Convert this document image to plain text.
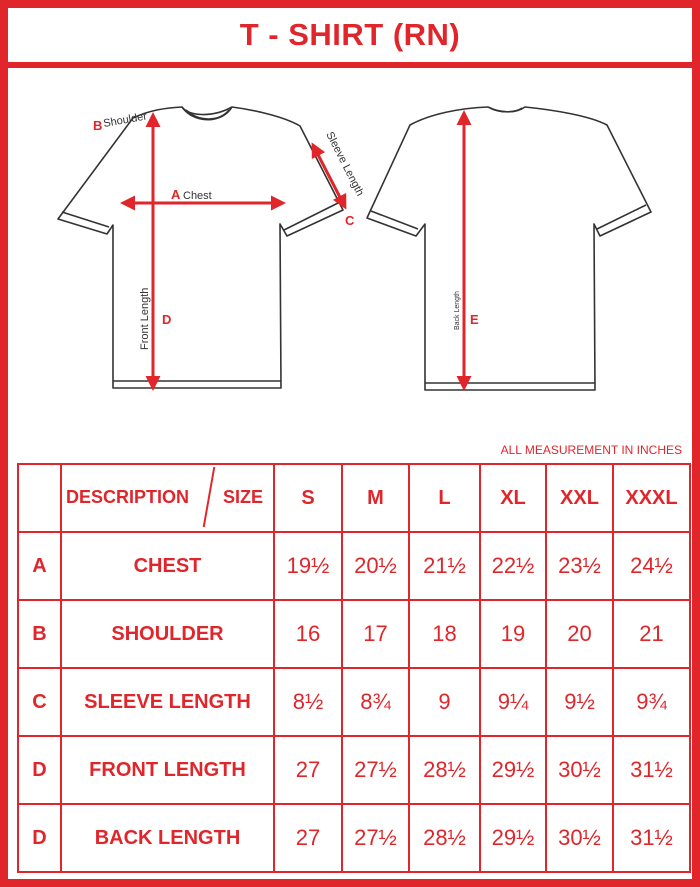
T - SHIRT (RN)
A Chest
B Shoulder
C
Sleeve Length
D
Front Length	E
Back Length
ALL MEASUREMENT IN INCHES

	DESCRIPTION SIZE	S	M	L	XL	XXL	XXXL
A	CHEST	19½	20½	21½	22½	23½	24½
B	SHOULDER	16	17	18	19	20	21
C	SLEEVE LENGTH	8½	8¾	9	9¼	9½	9¾
D	FRONT LENGTH	27	27½	28½	29½	30½	31½
D	BACK LENGTH	27	27½	28½	29½	30½	31½
